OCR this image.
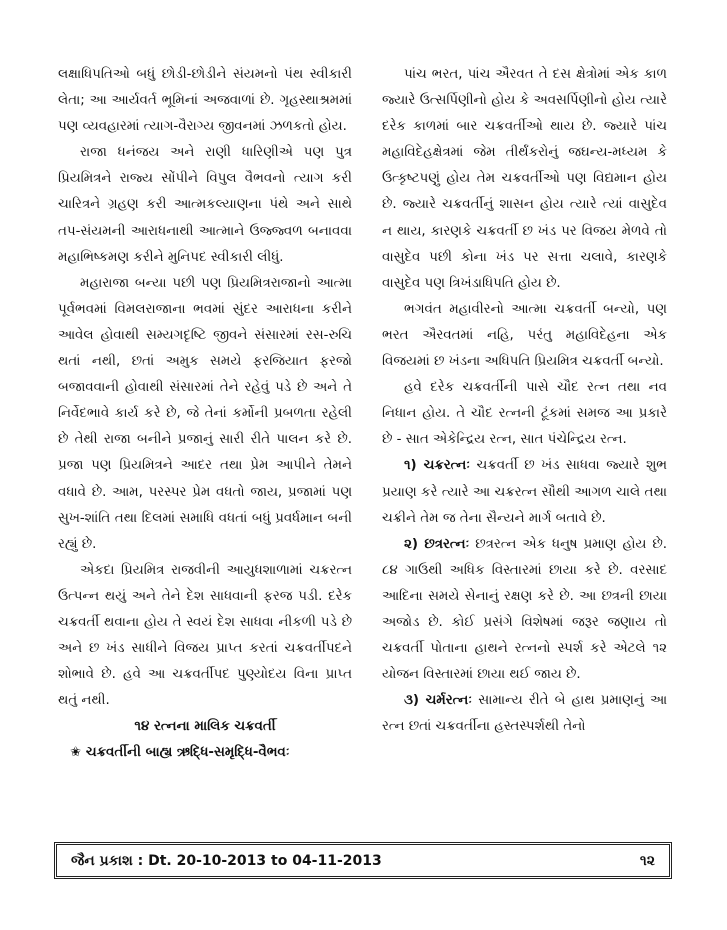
લક્ષાધિપતિઓ બધું છોડી-છોડીને સંયમનો પંથ સ્વીકારી લેતા; આ આર્યવર્ત ભૂમિનાં અજવાળાં છે. ગૃહસ્થાશ્રમમાં પણ વ્યવહારમાં ત્યાગ-વૈરાગ્ય જીવનમાં ઝળકતો હોય.

રાજા ધનંજય અને રાણી ધારિણીએ પણ પુત્ર પ્રિયમિત્રને રાજ્ય સોંપીને વિપુલ વૈભવનો ત્યાગ કરી ચારિત્રને ગ્રહણ કરી આત્મકલ્યાણના પંથે અને સાથે તપ-સંયમની આરાધનાથી આત્માને ઉજ્જ્વળ બનાવવા મહાભિષ્કમણ કરીને મુનિપદ સ્વીકારી લીધું.

મહારાજા બન્યા પછી પણ પ્રિયમિત્રરાજાનો આત્મા પૂર્વભવમાં વિમલરાજાના ભવમાં સુંદર આરાધના કરીને આવેલ હોવાથી સમ્યગદૃષ્ટિ જીવને સંસારમાં રસ-રુચિ થતાં નથી, છતાં અમુક સમયે ફરજિયાત ફરજો બજાવવાની હોવાથી સંસારમાં તેને રહેવું પડે છે અને તે નિર્વેદભાવે કાર્ય કરે છે, જે તેનાં કર્મોની પ્રબળતા રહેલી છે તેથી રાજા બનીને પ્રજાનું સારી રીતે પાલન કરે છે. પ્રજા પણ પ્રિયમિત્રને આદર તથા પ્રેમ આપીને તેમને વધાવે છે. આમ, પરસ્પર પ્રેમ વધતો જાય, પ્રજામાં પણ સુખ-શાંતિ તથા દિલમાં સમાધિ વધતાં બધું પ્રવર્ધમાન બની રહ્યું છે.

એકદા પ્રિયમિત્ર રાજવીની આયુધશાળામાં ચક્રરત્ન ઉત્પન્ન થયું અને તેને દેશ સાધવાની ફરજ પડી. દરેક ચક્રવર્તી થવાના હોય તે સ્વયં દેશ સાધવા નીકળી પડે છે અને છ ખંડ સાધીને વિજય પ્રાપ્ત કરતાં ચક્રવર્તીપદને શોભાવે છે. હવે આ ચક્રવર્તીપદ પુણ્યોદય વિના પ્રાપ્ત થતું નથી.

૧૪ રત્નના માલિક ચક્રવર્તી

✬ ચક્રવર્તીની બાહ્ય ઋદ્ધિ-સમૃદ્ધિ-વૈભવઃ

પાંચ ભરત, પાંચ ઐરવત તે દસ ક્ષેત્રોમાં એક કાળ જ્યારે ઉત્સર્પિણીનો હોય કે અવસર્પિણીનો હોય ત્યારે દરેક કાળમાં બાર ચક્રવર્તીઓ થાય છે. જ્યારે પાંચ મહાવિદેહક્ષેત્રમાં જેમ તીર્થંકરોનું જઘન્ય-મધ્યમ કે ઉત્કૃષ્ટપણું હોય તેમ ચક્રવર્તીઓ પણ વિદ્યમાન હોય છે. જ્યારે ચક્રવર્તીનું શાસન હોય ત્યારે ત્યાં વાસુદેવ ન થાય, કારણકે ચક્રવર્તી છ ખંડ પર વિજય મેળવે તો વાસુદેવ પછી કોના ખંડ પર સત્તા ચલાવે, કારણકે વાસુદેવ પણ ત્રિખંડાધિપતિ હોય છે.

ભગવંત મહાવીરનો આત્મા ચક્રવર્તી બન્યો, પણ ભરત ઐરવતમાં નહિ, પરંતુ મહાવિદેહના એક વિજયમાં છ ખંડના અધિપતિ પ્રિયમિત્ર ચક્રવર્તી બન્યો.

હવે દરેક ચક્રવર્તીની પાસે ચૌદ રત્ન તથા નવ નિધાન હોય. તે ચૌદ રત્નની ટૂંકમાં સમજ આ પ્રકારે છે - સાત એકેન્દ્રિય રત્ન, સાત પંચેન્દ્રિય રત્ન.

૧) ચક્રરત્નઃ ચક્રવર્તી છ ખંડ સાધવા જ્યારે શુભ પ્રયાણ કરે ત્યારે આ ચક્રરત્ન સૌથી આગળ ચાલે તથા ચક્રીને તેમ જ તેના સૈન્યને માર્ગ બતાવે છે.

૨) છત્રરત્નઃ છત્રરત્ન એક ધનુષ પ્રમાણ હોય છે. ૮૪ ગાઉથી અધિક વિસ્તારમાં છાયા કરે છે. વરસાદ આદિના સમયે સેનાનું રક્ષણ કરે છે. આ છત્રની છાયા અજોડ છે. કોઈ પ્રસંગે વિશેષમાં જરૂર જણાય તો ચક્રવર્તી પોતાના હાથને રત્નનો સ્પર્શ કરે એટલે ૧૨ યોજન વિસ્તારમાં છાયા થઈ જાય છે.

૩) ચર્મરત્નઃ સામાન્ય રીતે બે હાથ પ્રમાણનું આ રત્ન છતાં ચક્રવર્તીના હસ્તસ્પર્શથી તેનો

જૈન પ્રકાશ : Dt. 20-10-2013 to 04-11-2013	૧૨
